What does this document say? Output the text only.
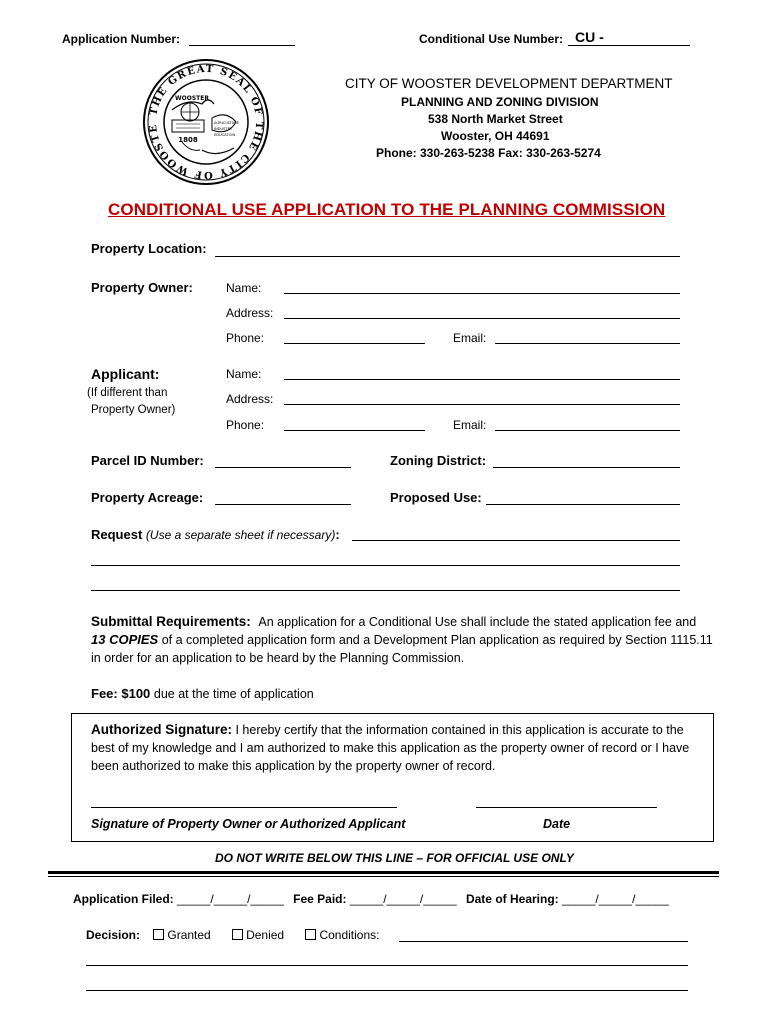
Application Number:	Conditional Use Number: CU -
THE GREAT SEAL OF THE CITY OF WOOSTE
WOOSTER
1808
AGRICULTURE
INDUSTRY
EDUCATION
CITY OF WOOSTER DEVELOPMENT DEPARTMENT
PLANNING AND ZONING DIVISION
538 North Market Street
Wooster, OH 44691
Phone: 330-263-5238 Fax: 330-263-5274
CONDITIONAL USE APPLICATION TO THE PLANNING COMMISSION
Property Location:
Property Owner:	Name:
Address:
Phone:	Email:
Applicant:
(If different than
Property Owner)
Name:
Address:
Phone:	Email:
Parcel ID Number:	Zoning District:
Property Acreage:	Proposed Use:
Request (Use a separate sheet if necessary):
Submittal Requirements: An application for a Conditional Use shall include the stated application fee and
13 COPIES of a completed application form and a Development Plan application as required by Section 1115.11 in order for an application to be heard by the Planning Commission.
Fee: $100 due at the time of application
Authorized Signature: I hereby certify that the information contained in this application is accurate to the best of my knowledge and I am authorized to make this application as the property owner of record or I have been authorized to make this application by the property owner of record.
Signature of Property Owner or Authorized Applicant	Date
DO NOT WRITE BELOW THIS LINE – FOR OFFICIAL USE ONLY
Application Filed: _____/_____/_____ Fee Paid: _____/_____/_____ Date of Hearing: _____/_____/_____
Decision: Granted	Denied	Conditions:
